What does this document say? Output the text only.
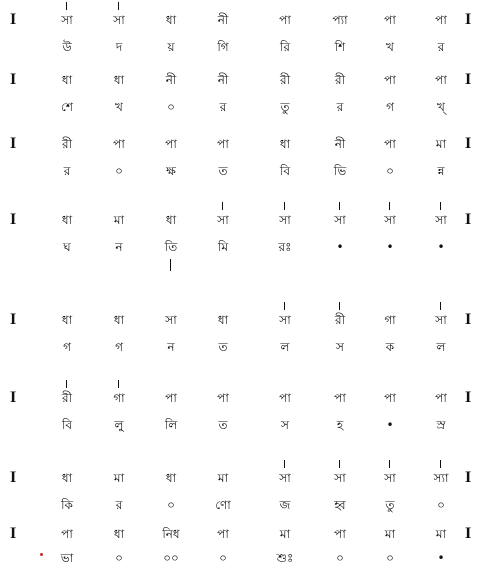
সা	সা	ধা	নী	পা	প্যা	পা	পা
উ	দ	য়	গি	রি	শি	খ	র
I	I
ধা	ধা	নী	নী	রী	রী	পা	পা
শে	খ	০	র	তু	র	গ	খ্
I	I
রী	পা	পা	পা	ধা	নী	পা	মা
র	০	ক্ষ	ত	বি	ভি	০	ন্ন
I	I
ধা	মা	ধা	সা	সা	সা	সা	সা
ঘ	ন	তি	মি	রঃ	•	•	•
I	I
ধা	ধা	সা	ধা	সা	রী	গা	সা
গ	গ	ন	ত	ল	স	ক	ল
I	I
রী	গা	পা	পা	পা	পা	পা	পা
বি	লু	লি	ত	স	হ	•	স্র
I	I
ধা	মা	ধা	মা	সা	সা	সা	স্যা
কি	র	০	ণো	জ	হ্ব	তু	০
I	I
পা	ধা	নিধ	পা	মা	পা	মা	মা
ভা	০	০০	০	শুঃ	০	০	•
I	I
